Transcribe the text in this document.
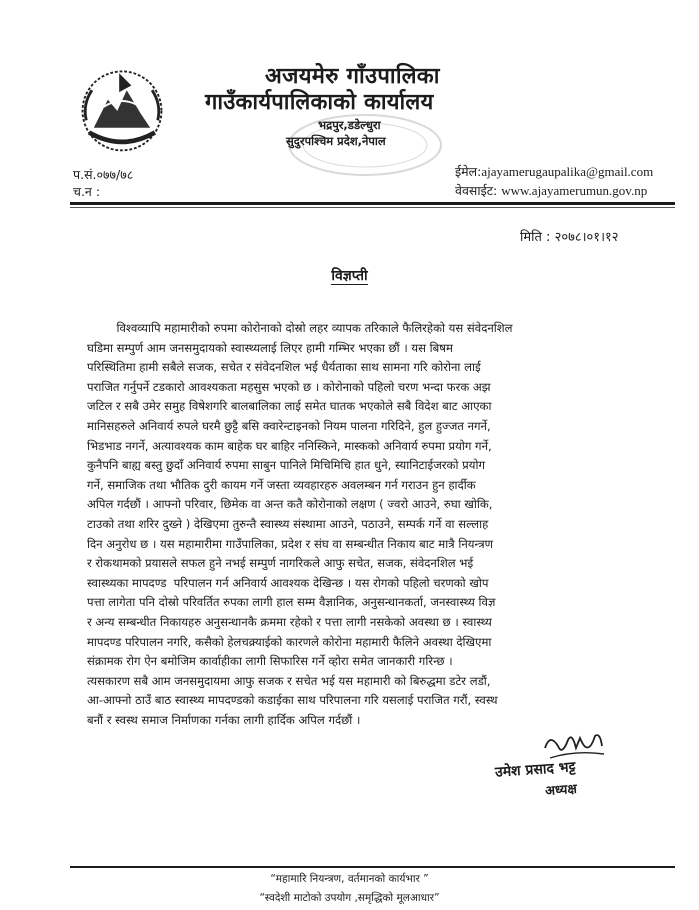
अजयमेरु गाँउपालिका
गाउँकार्यपालिकाको कार्यालय
भद्रपुर,डडेल्धुरा
सुदुरपश्चिम प्रदेश,नेपाल
प.सं.०७७/७८
च.न :
ईमेल:ajayamerugaupalika@gmail.com
वेवसाईट: www.ajayamerumun.gov.np
मिति : २०७८।०१।१२
विज्ञप्ती
विश्वव्यापि महामारीको रुपमा कोरोनाको दोस्रो लहर व्यापक तरिकाले फैलिरहेको यस संवेदनशिल
घडिमा सम्पुर्ण आम जनसमुदायको स्वास्थ्यलाई लिएर हामी गम्भिर भएका छौं । यस बिषम
परिस्थितिमा हामी सबैले सजक, सचेत र संवेदनशिल भई धैर्यताका साथ सामना गरि कोरोना लाई
पराजित गर्नुपर्ने टडकारो आवश्यकता महसुस भएको छ । कोरोनाको पहिलो चरण भन्दा फरक अझ
जटिल र सबै उमेर समुह विषेशगरि बालबालिका लाई समेत घातक भएकोले सबै विदेश बाट आएका
मानिसहरुले अनिवार्य रुपले घरमै छुट्टै बसि क्वारेन्टाइनको नियम पालना गरिदिने, हुल हुज्जत नगर्ने,
भिडभाड नगर्ने, अत्यावश्यक काम बाहेक घर बाहिर ननिस्किने, मास्कको अनिवार्य रुपमा प्रयोग गर्ने,
कुनैपनि बाह्य बस्तु छुदाँ अनिवार्य रुपमा साबुन पानिले मिचिमिचि हात धुने, स्यानिटाईजरको प्रयोग
गर्ने, समाजिक तथा भौतिक दुरी कायम गर्ने जस्ता व्यवहारहरु अवलम्बन गर्न गराउन हुन हार्दीक
अपिल गर्दछौं । आफ्नो परिवार, छिमेक वा अन्त कतै कोरोनाको लक्षण ( ज्वरो आउने, रुघा खोकि,
टाउको तथा शरिर दुख्ने ) देखिएमा तुरुन्तै स्वास्थ्य संस्थामा आउने, पठाउने, सम्पर्क गर्ने वा सल्लाह
दिन अनुरोध छ । यस महामारीमा गाउँपालिका, प्रदेश र संघ वा सम्बन्धीत निकाय बाट मात्रै नियन्त्रण
र रोकथामको प्रयासले सफल हुने नभई सम्पुर्ण नागरिकले आफु सचेत, सजक, संवेदनशिल भई
स्वास्थ्यका मापदण्ड  परिपालन गर्न अनिवार्य आवश्यक देखिन्छ । यस रोगको पहिलो चरणको खोप
पत्ता लागेता पनि दोस्रो परिवर्तित रुपका लागी हाल सम्म वैज्ञानिक, अनुसन्धानकर्ता, जनस्वास्थ्य विज्ञ
र अन्य सम्बन्धीत निकायहरु अनुसन्धानकै क्रममा रहेको र पत्ता लागी नसकेको अवस्था छ । स्वास्थ्य
मापदण्ड परिपालन नगरि, कसैको हेलचक्र्याईको कारणले कोरोना महामारी फैलिने अवस्था देखिएमा
संक्रामक रोग ऐन बमोजिम कार्वाहीका लागी सिफारिस गर्ने व्होरा समेत जानकारी गरिन्छ ।
त्यसकारण सबै आम जनसमुदायमा आफु सजक र सचेत भई यस महामारी को बिरुद्धमा डटेर लडौं,
आ-आफ्नो ठाउँ बाठ स्वास्थ्य मापदण्डको कडाईका साथ परिपालना गरि यसलाई पराजित गरौं, स्वस्थ
बनौं र स्वस्थ समाज निर्माणका गर्नका लागी हार्दिक अपिल गर्दछौं ।
उमेश प्रसाद भट्ट
अध्यक्ष
“महामारि नियन्त्रण, वर्तमानको कार्यभार ”
“स्वदेशी माटोको उपयोग ,समृद्धिको मूलआधार”
